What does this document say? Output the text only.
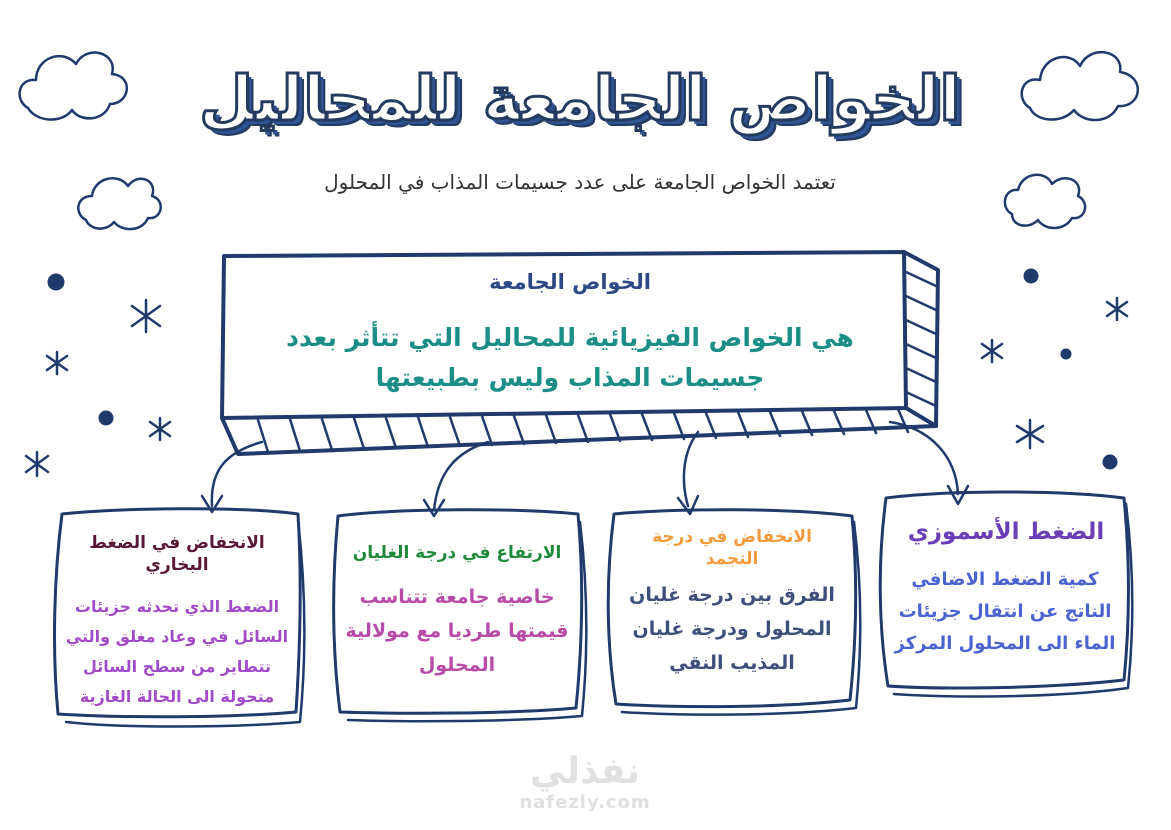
الخواص الجامعة للمحاليل
تعتمد الخواص الجامعة على عدد جسيمات المذاب في المحلول
الخواص الجامعة
هي الخواص الفيزيائية للمحاليل التي تتأثر بعدد جسيمات المذاب وليس بطبيعتها
الانخفاض في الضغط البخاري
الضغط الذي تحدثه جزيئات السائل في وعاد مغلق والتي تتطاير من سطح السائل متحولة الى الحالة الغازية
الارتفاع في درجة الغليان
خاصية جامعة تتناسب قيمتها طرديا مع مولالية المحلول
الانخفاض في درجة التجمد
الفرق بين درجة غليان المحلول ودرجة غليان المذيب النقي
الضغط الأسموزي
كمية الضغط الاضافي الناتج عن انتقال جزيئات الماء الى المحلول المركز
نفذلي
nafezly.com
